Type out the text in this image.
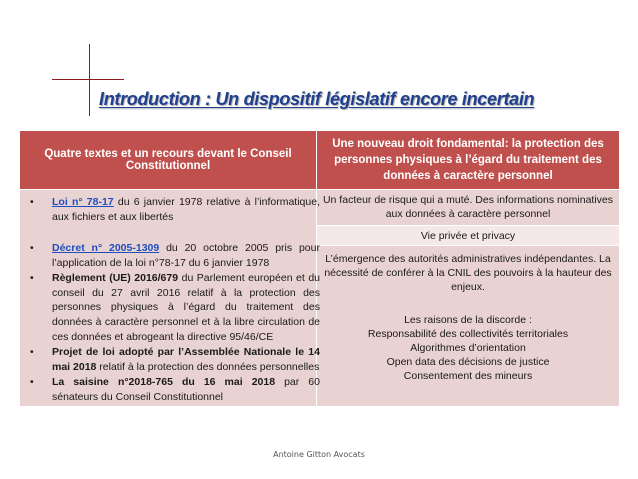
Introduction : Un dispositif législatif encore incertain
Quatre textes et un recours devant le Conseil Constitutionnel
Une nouveau droit fondamental: la protection des personnes physiques à l’égard du traitement des données à caractère personnel
Un facteur de risque qui a muté. Des informations nominatives aux données à caractère personnel
Vie privée et privacy

L’émergence des autorités administratives indépendantes. La nécessité de conférer à la CNIL des pouvoirs à la hauteur des enjeux.

Les raisons de la discorde :

Responsabilité des collectivités territoriales

Algorithmes d’orientation

Open data des décisions de justice

Consentement des mineurs

• Loi n° 78-17 du 6 janvier 1978 relative à l’informatique, aux fichiers et aux libertés
• Décret n° 2005-1309 du 20 octobre 2005 pris pour l’application de la loi n°78-17 du 6 janvier 1978
• Règlement (UE) 2016/679 du Parlement européen et du conseil du 27 avril 2016 relatif à la protection des personnes physiques à l’égard du traitement des données à caractère personnel et à la libre circulation de ces données et abrogeant la directive 95/46/CE
• Projet de loi adopté par l’Assemblée Nationale le 14 mai 2018 relatif à la protection des données personnelles
• La saisine n°2018-765 du 16 mai 2018 par 60 sénateurs du Conseil Constitutionnel
Antoine Gitton Avocats
